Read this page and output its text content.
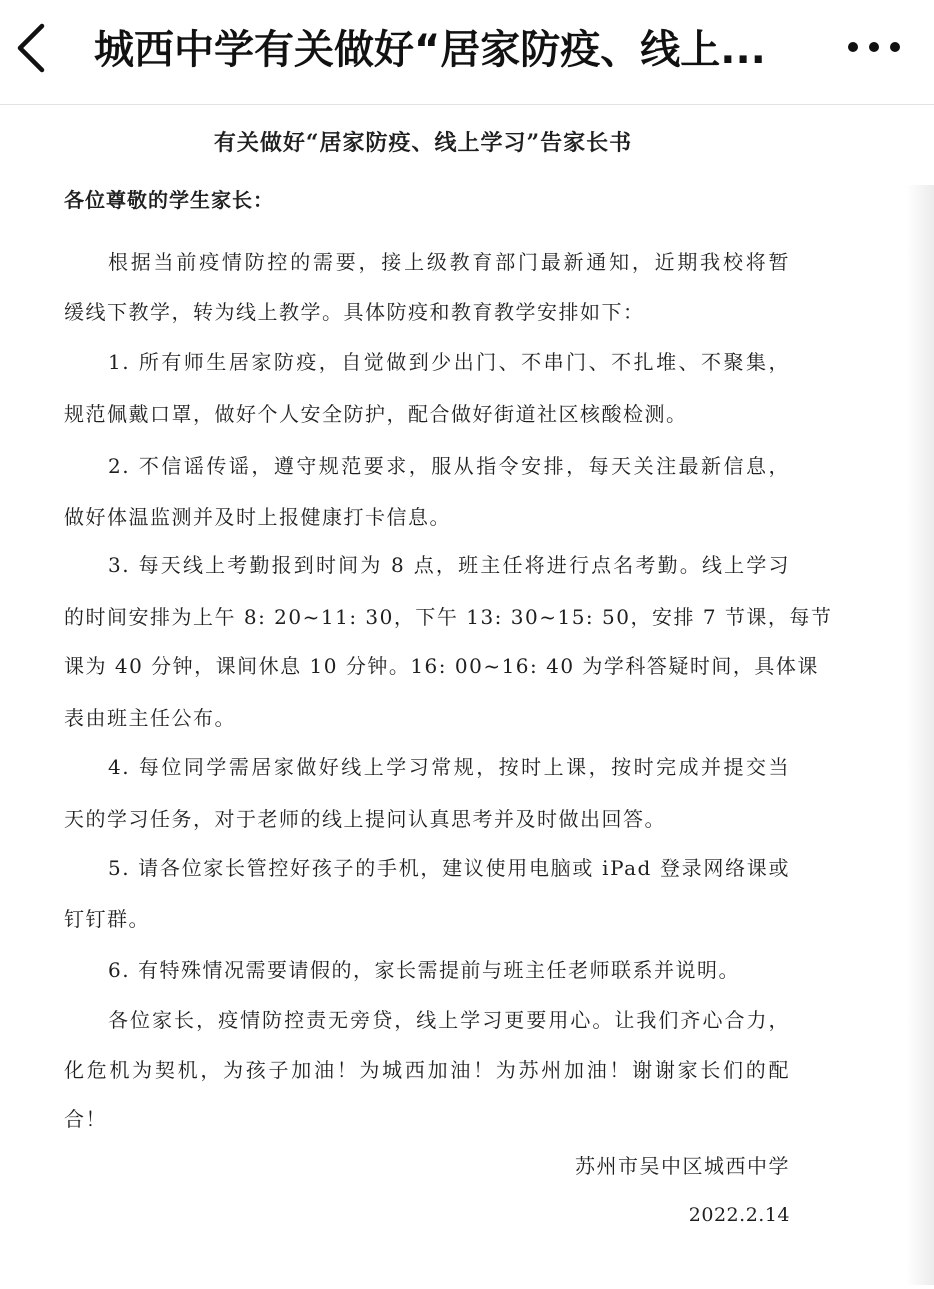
城西中学有关做好“居家防疫、线上...
有关做好“居家防疫、线上学习”告家长书
各位尊敬的学生家长：
根据当前疫情防控的需要，接上级教育部门最新通知，近期我校将暂
缓线下教学，转为线上教学。具体防疫和教育教学安排如下：
1. 所有师生居家防疫，自觉做到少出门、不串门、不扎堆、不聚集，
规范佩戴口罩，做好个人安全防护，配合做好街道社区核酸检测。
2. 不信谣传谣，遵守规范要求，服从指令安排，每天关注最新信息，
做好体温监测并及时上报健康打卡信息。
3. 每天线上考勤报到时间为 8 点，班主任将进行点名考勤。线上学习
的时间安排为上午 8: 20~11: 30，下午 13: 30~15: 50，安排 7 节课，每节
课为 40 分钟，课间休息 10 分钟。16: 00~16: 40 为学科答疑时间，具体课
表由班主任公布。
4. 每位同学需居家做好线上学习常规，按时上课，按时完成并提交当
天的学习任务，对于老师的线上提问认真思考并及时做出回答。
5. 请各位家长管控好孩子的手机，建议使用电脑或 iPad 登录网络课或
钉钉群。
6. 有特殊情况需要请假的，家长需提前与班主任老师联系并说明。
各位家长，疫情防控责无旁贷，线上学习更要用心。让我们齐心合力，
化危机为契机，为孩子加油！为城西加油！为苏州加油！谢谢家长们的配
合！
苏州市吴中区城西中学
2022.2.14
